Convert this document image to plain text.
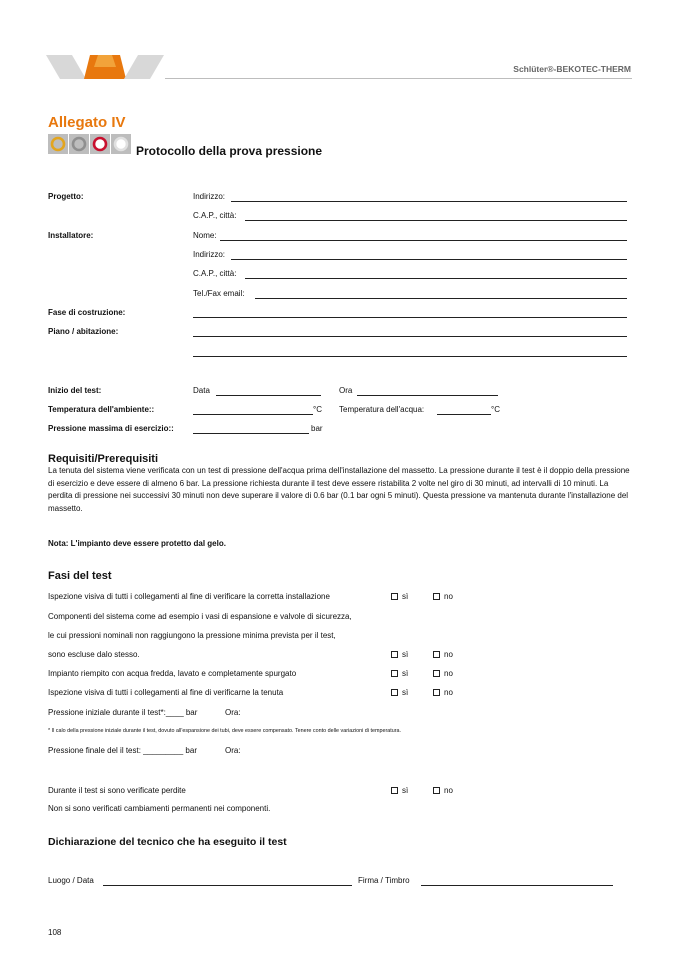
Schlüter®-BEKOTEC-THERM
Allegato IV
Protocollo della prova pressione
Progetto:	Indirizzo:
C.A.P., città:
Installatore:	Nome:
Indirizzo:
C.A.P., città:
Tel./Fax email:
Fase di costruzione:
Piano / abitazione:
Inizio del test:	Data	Ora
Temperatura dell'ambiente::	°C Temperatura dell'acqua:	°C
Pressione massima di esercizio::	bar
Requisiti/Prerequisiti
La tenuta del sistema viene verificata con un test di pressione dell'acqua prima dell'installazione del massetto. La pressione durante il test è il doppio della pressione di esercizio e deve essere di almeno 6 bar. La pressione richiesta durante il test deve essere ristabilita 2 volte nel giro di 30 minuti, ad intervalli di 10 minuti. La perdita di pressione nei successivi 30 minuti non deve superare il valore di 0.6 bar (0.1 bar ogni 5 minuti). Questa pressione va mantenuta durante l'installazione del massetto.
Nota: L'impianto deve essere protetto dal gelo.
Fasi del test
Ispezione visiva di tutti i collegamenti al fine di verificare la corretta installazione	sì	no
Componenti del sistema come ad esempio i vasi di espansione e valvole di sicurezza,
le cui pressioni nominali non raggiungono la pressione minima prevista per il test,
sono escluse dalo stesso.	sì	no
Impianto riempito con acqua fredda, lavato e completamente spurgato	sì	no
Ispezione visiva di tutti i collegamenti al fine di verificarne la tenuta	sì	no
Pressione iniziale durante il test*:____ bar	Ora:
* Il calo della pressione iniziale durante il test, dovuto all'espansione dei tubi, deve essere compensato. Tenere conto delle variazioni di temperatura.
Pressione finale del il test: _________ bar	Ora:
Durante il test si sono verificate perdite	sì	no
Non si sono verificati cambiamenti permanenti nei componenti.
Dichiarazione del tecnico che ha eseguito il test
Luogo / Data	Firma / Timbro
108
